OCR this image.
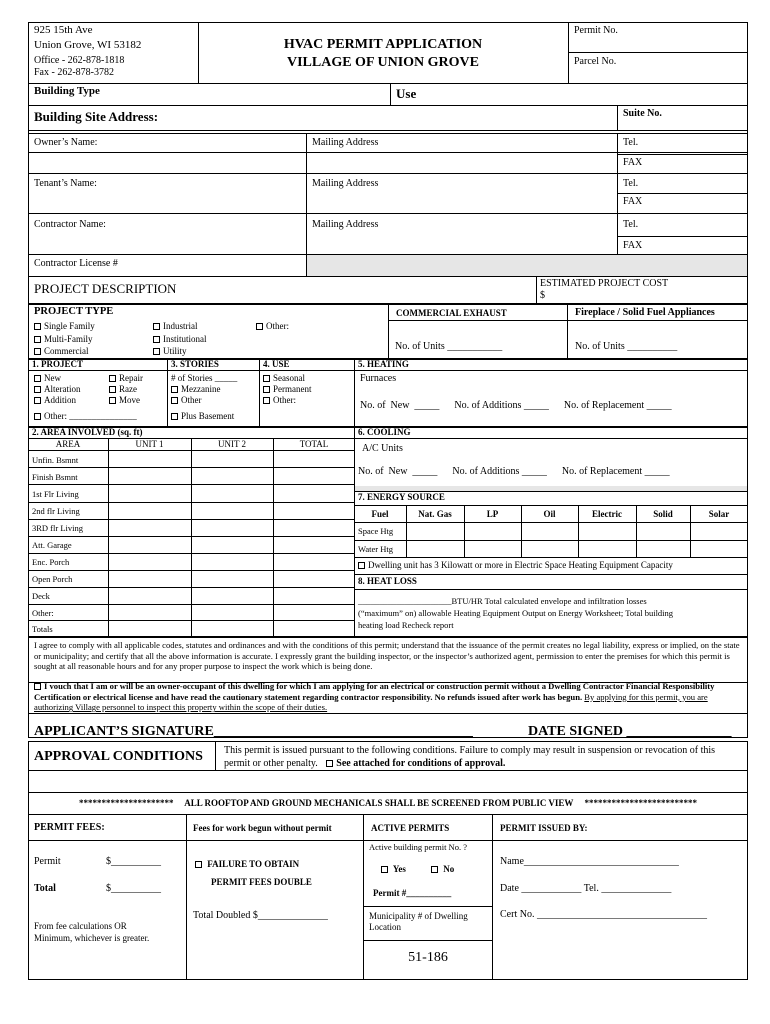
925 15th Ave
Union Grove, WI 53182
Office - 262-878-1818
Fax - 262-878-3782
HVAC PERMIT APPLICATION
VILLAGE OF UNION GROVE
Permit No.
Parcel No.
Building Type	Use
Building Site Address:	Suite No.
Owner’s Name:	Mailing Address	Tel.
FAX
Tenant’s Name:	Mailing Address	Tel.
FAX
Contractor Name:	Mailing Address	Tel.
FAX
Contractor License #
PROJECT DESCRIPTION	ESTIMATED PROJECT COST
$
PROJECT TYPE
Single Family
Multi-Family
Commercial
Industrial
Institutional
Utility
Other:
COMMERCIAL EXHAUST	Fireplace / Solid Fuel Appliances
No. of Units ___________	No. of Units __________
1. PROJECT	3. STORIES	4. USE	5. HEATING
New
Alteration
Addition
Repair
Raze
Move
Other: _______________
# of Stories _____
Mezzanine
Other
Plus Basement
Seasonal
Permanent
Other:
Furnaces
No. of  New  _____      No. of Additions _____      No. of Replacement _____
2. AREA INVOLVED (sq. ft)
AREA	UNIT 1	UNIT 2	TOTAL
Unfin. Bsmnt
Finish Bsmnt
1st Flr Living
2nd flr Living
3RD flr Living
Att. Garage
Enc. Porch
Open Porch
Deck
Other:
Totals
6. COOLING
A/C Units
No. of  New  _____      No. of Additions _____      No. of Replacement _____
7. ENERGY SOURCE
Fuel	Nat. Gas	LP	Oil	Electric	Solid	Solar
Space Htg
Water Htg
Dwelling unit has 3 Kilowatt or more in Electric Space Heating Equipment Capacity
8. HEAT LOSS
______________________BTU/HR Total calculated envelope and infiltration losses
(“maximum” on) allowable Heating Equipment Output on Energy Worksheet; Total building
heating load Recheck report
I agree to comply with all applicable codes, statutes and ordinances and with the conditions of this permit; understand that the issuance of the permit creates no legal liability, express or implied, on the state or municipality; and certify that all the above information is accurate. I expressly grant the building inspector, or the inspector’s authorized agent, permission to enter the premises for which this permit is sought at all reasonable hours and for any proper purpose to inspect the work which is being done.
I vouch that I am or will be an owner-occupant of this dwelling for which I am applying for an electrical or construction permit without a Dwelling Contractor Financial Responsibility Certification or electrical license and have read the cautionary statement regarding contractor responsibility. No refunds issued after work has begun. By applying for this permit, you are authorizing Village personnel to inspect this property within the scope of their duties.
APPLICANT’S SIGNATURE_____________________________________	DATE SIGNED _______________
APPROVAL CONDITIONS This permit is issued pursuant to the following conditions. Failure to comply may result in suspension or revocation of this
permit or other penalty. See attached for conditions of approval.
*********************     ALL ROOFTOP AND GROUND MECHANICALS SHALL BE SCREENED FROM PUBLIC VIEW     *************************
PERMIT FEES:	Fees for work begun without permit	ACTIVE PERMITS	PERMIT ISSUED BY:
Permit	$__________
Total	$__________
From fee calculations OR
Minimum, whichever is greater.
FAILURE TO OBTAIN
PERMIT FEES DOUBLE
Total Doubled $______________
Active building permit No. ?
Yes	No
Permit #__________
Municipality # of Dwelling
Location
51-186
Name_______________________________
Date ____________ Tel. ______________
Cert No. __________________________________
